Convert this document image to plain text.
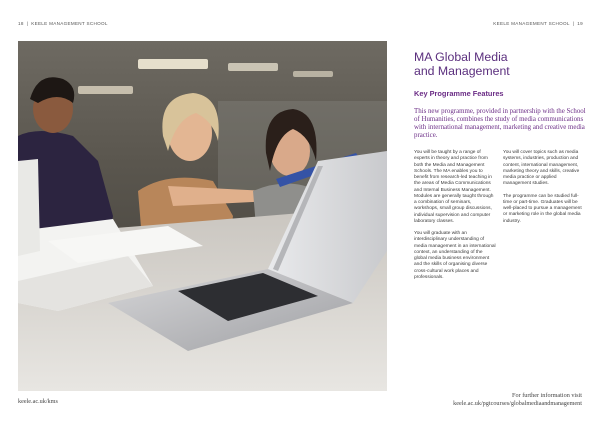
18 | KEELE MANAGEMENT SCHOOL	KEELE MANAGEMENT SCHOOL | 19
keele.ac.uk/kms
For further information visit
keele.ac.uk/pgtcourses/globalmediaandmanagement
MA Global Media
and Management
Key Programme Features
This new programme, provided in partnership with the School of Humanities, combines the study of media communications with international management, marketing and creative media practice.

You will be taught by a range of experts in theory and practice from both the Media and Management Schools. The MA enables you to benefit from research-led teaching in the areas of Media Communications and Internal Business Management. Modules are generally taught through a combination of seminars, workshops, small group discussions, individual supervision and computer laboratory classes.

You will graduate with an interdisciplinary understanding of media management in an international context, an understanding of the global media business environment and the skills of organising diverse cross-cultural work places and professionals.

You will cover topics such as media systems, industries, production and content, international management, marketing theory and skills, creative media practice or applied management studies.

The programme can be studied full-time or part-time. Graduates will be well-placed to pursue a management or marketing role in the global media industry.
